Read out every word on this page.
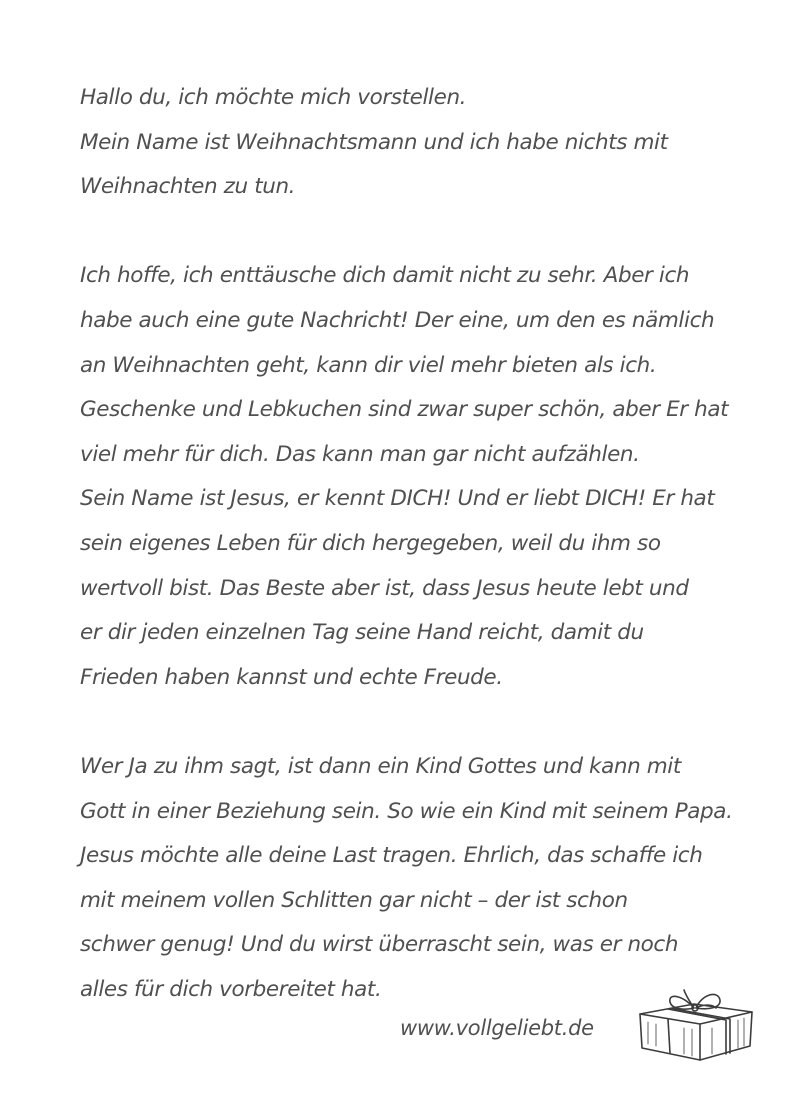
Hallo du, ich möchte mich vorstellen.
Mein Name ist Weihnachtsmann und ich habe nichts mit
Weihnachten zu tun.
Ich hoffe, ich enttäusche dich damit nicht zu sehr. Aber ich
habe auch eine gute Nachricht! Der eine, um den es nämlich
an Weihnachten geht, kann dir viel mehr bieten als ich.
Geschenke und Lebkuchen sind zwar super schön, aber Er hat
viel mehr für dich. Das kann man gar nicht aufzählen.
Sein Name ist Jesus, er kennt DICH! Und er liebt DICH! Er hat
sein eigenes Leben für dich hergegeben, weil du ihm so
wertvoll bist. Das Beste aber ist, dass Jesus heute lebt und
er dir jeden einzelnen Tag seine Hand reicht, damit du
Frieden haben kannst und echte Freude.
Wer Ja zu ihm sagt, ist dann ein Kind Gottes und kann mit
Gott in einer Beziehung sein. So wie ein Kind mit seinem Papa.
Jesus möchte alle deine Last tragen. Ehrlich, das schaffe ich
mit meinem vollen Schlitten gar nicht – der ist schon
schwer genug! Und du wirst überrascht sein, was er noch
alles für dich vorbereitet hat.
www.vollgeliebt.de
